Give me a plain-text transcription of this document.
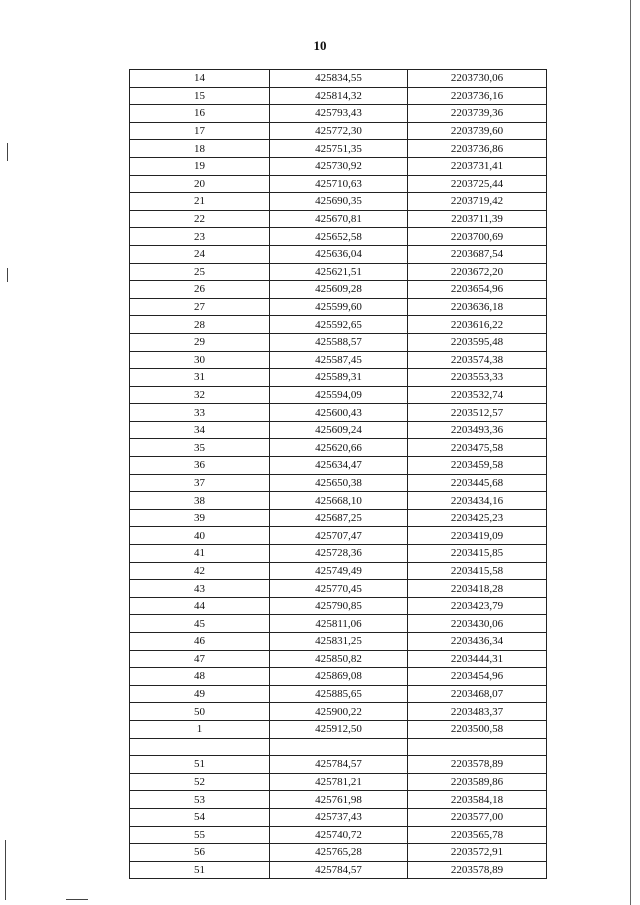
10
14	425834,55	2203730,06
15	425814,32	2203736,16
16	425793,43	2203739,36
17	425772,30	2203739,60
18	425751,35	2203736,86
19	425730,92	2203731,41
20	425710,63	2203725,44
21	425690,35	2203719,42
22	425670,81	2203711,39
23	425652,58	2203700,69
24	425636,04	2203687,54
25	425621,51	2203672,20
26	425609,28	2203654,96
27	425599,60	2203636,18
28	425592,65	2203616,22
29	425588,57	2203595,48
30	425587,45	2203574,38
31	425589,31	2203553,33
32	425594,09	2203532,74
33	425600,43	2203512,57
34	425609,24	2203493,36
35	425620,66	2203475,58
36	425634,47	2203459,58
37	425650,38	2203445,68
38	425668,10	2203434,16
39	425687,25	2203425,23
40	425707,47	2203419,09
41	425728,36	2203415,85
42	425749,49	2203415,58
43	425770,45	2203418,28
44	425790,85	2203423,79
45	425811,06	2203430,06
46	425831,25	2203436,34
47	425850,82	2203444,31
48	425869,08	2203454,96
49	425885,65	2203468,07
50	425900,22	2203483,37
1	425912,50	2203500,58

51	425784,57	2203578,89
52	425781,21	2203589,86
53	425761,98	2203584,18
54	425737,43	2203577,00
55	425740,72	2203565,78
56	425765,28	2203572,91
51	425784,57	2203578,89
